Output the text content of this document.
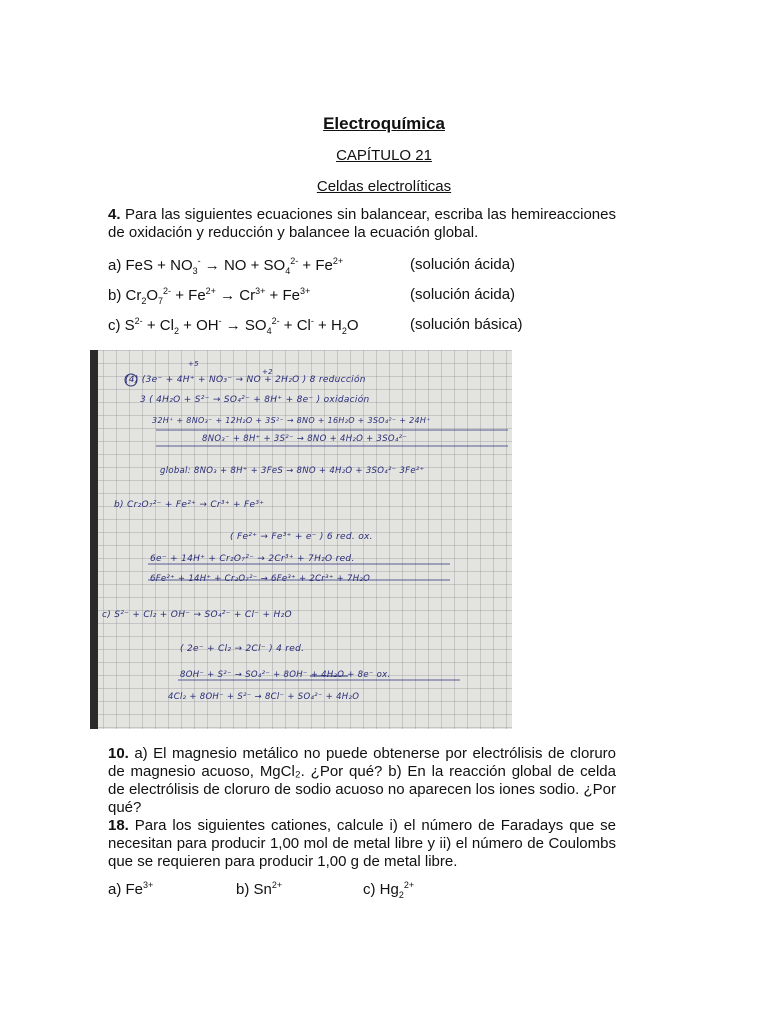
Electroquímica
CAPÍTULO 21
Celdas electrolíticas
4. Para las siguientes ecuaciones sin balancear, escriba las hemireacciones de oxidación y reducción y balancee la ecuación global.
a) FeS + $NO_3^-$ → NO + $SO_4^{2-} + Fe^{2+}$	(solución ácida)
b) $Cr_2O_7^{2-} + Fe^{2+} \to Cr^{3+} + Fe^{3+}$	(solución ácida)
c) $S^{2-} + Cl_2 + OH^- \to SO_4^{2-} + Cl^- + H_2O$	(solución básica)
+5
(4) (3e⁻ + 4H⁺ + NO₃⁻ → NO + 2H₂O ) 8 reducción
+2
3 ( 4H₂O + S²⁻ → SO₄²⁻ + 8H⁺ + 8e⁻ ) oxidación
32H⁺ + 8NO₃⁻ + 12H₂O + 3S²⁻ → 8NO + 16H₂O + 3SO₄²⁻ + 24H⁺
8NO₃⁻ + 8H⁺ + 3S²⁻ → 8NO + 4H₂O + 3SO₄²⁻
global: 8NO₃ + 8H⁺ + 3FeS → 8NO + 4H₂O + 3SO₄²⁻ 3Fe²⁺
b) Cr₂O₇²⁻ + Fe²⁺ → Cr³⁺ + Fe³⁺
( Fe²⁺ → Fe³⁺ + e⁻ ) 6 red. ox.
6e⁻ + 14H⁺ + Cr₂O₇²⁻ → 2Cr³⁺ + 7H₂O red.
6Fe²⁺ + 14H⁺ + Cr₂O₇²⁻ → 6Fe³⁺ + 2Cr³⁺ + 7H₂O
c) S²⁻ + Cl₂ + OH⁻ → SO₄²⁻ + Cl⁻ + H₂O
( 2e⁻ + Cl₂ → 2Cl⁻ ) 4 red.
8OH⁻ + S²⁻ → SO₄²⁻ + 8OH⁻ + 4H₂O + 8e⁻ ox.
4Cl₂ + 8OH⁻ + S²⁻ → 8Cl⁻ + SO₄²⁻ + 4H₂O
10. a) El magnesio metálico no puede obtenerse por electrólisis de cloruro de magnesio acuoso, MgCl₂. ¿Por qué? b) En la reacción global de celda de electrólisis de cloruro de sodio acuoso no aparecen los iones sodio. ¿Por qué?
18. Para los siguientes cationes, calcule i) el número de Faradays que se necesitan para producir 1,00 mol de metal libre y ii) el número de Coulombs que se requieren para producir 1,00 g de metal libre.
a) $Fe^{3+}$	b) $Sn^{2+}$	c) $Hg_2^{2+}$
